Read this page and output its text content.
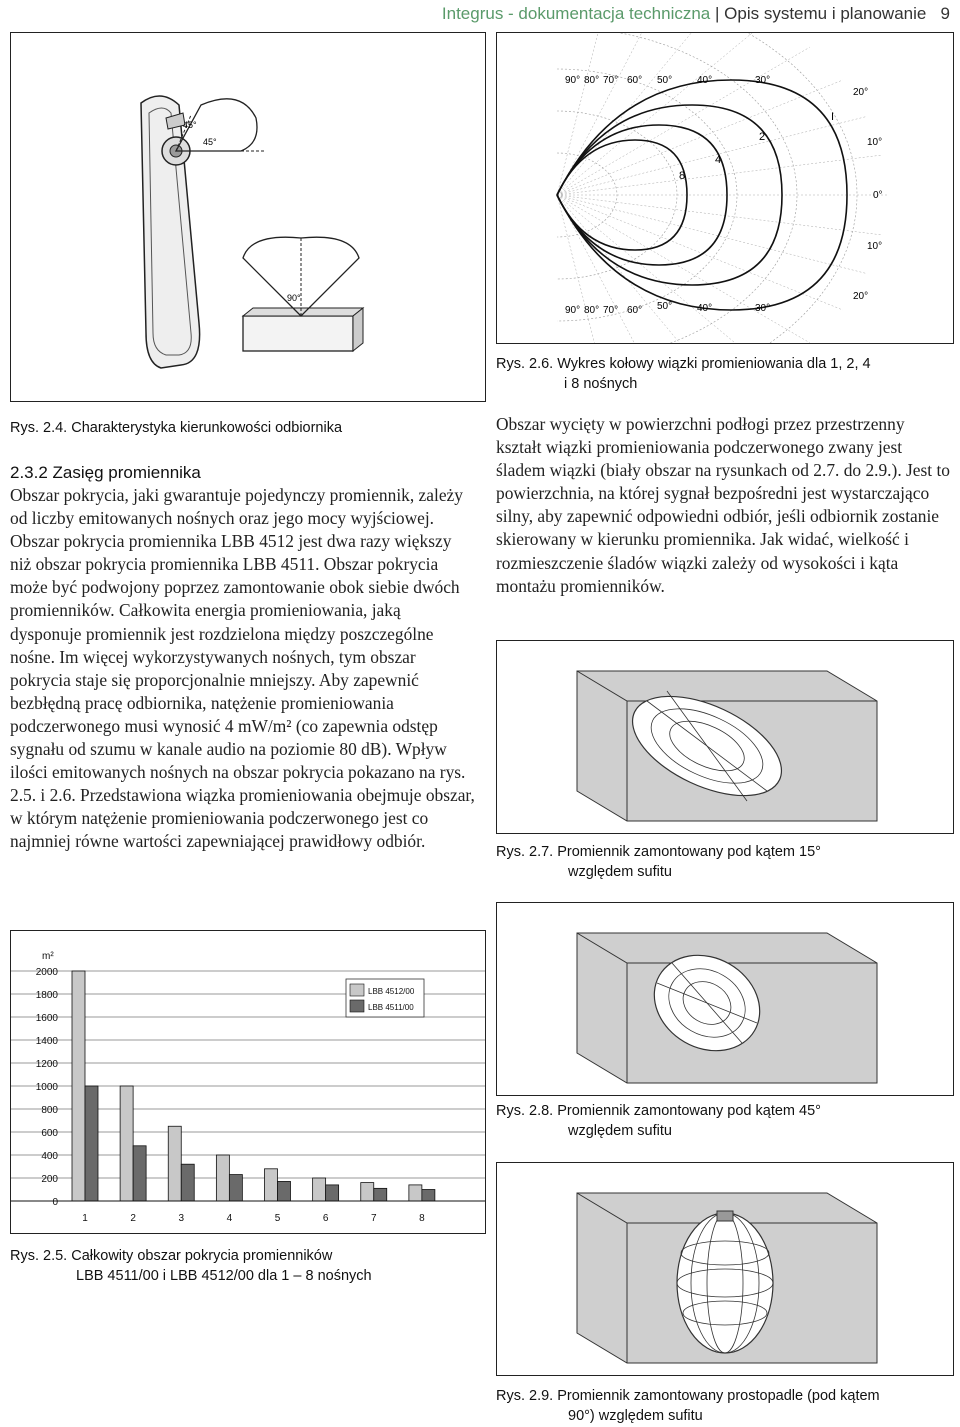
Integrus - dokumentacja techniczna | Opis systemu i planowanie 9
45°
45°
90°
Rys. 2.4. Charakterystyka kierunkowości odbiornika
90° 80° 70° 60° 50° 40°	30°
90° 80° 70° 60° 50° 40°	30°
20°
10°
0°
10°
20°
I
2
4
8
Rys. 2.6. Wykres kołowy wiązki promieniowania dla 1, 2, 4

i 8 nośnych
2.3.2 Zasięg promiennika
Obszar pokrycia, jaki gwarantuje pojedynczy promiennik, zależy od liczby emitowanych nośnych oraz jego mocy wyjściowej. Obszar pokrycia promiennika LBB 4512 jest dwa razy większy niż obszar pokrycia promiennika LBB 4511. Obszar pokrycia może być podwojony poprzez zamontowanie obok siebie dwóch promienników. Całkowita energia promieniowania, jaką dysponuje promiennik jest rozdzielona między poszczególne nośne. Im więcej wykorzystywanych nośnych, tym obszar pokrycia staje się proporcjonalnie mniejszy. Aby zapewnić bezbłędną pracę odbiornika, natężenie promieniowania podczerwonego musi wynosić 4 mW/m² (co zapewnia odstęp sygnału od szumu w kanale audio na poziomie 80 dB). Wpływ ilości emitowanych nośnych na obszar pokrycia pokazano na rys. 2.5. i 2.6. Przedstawiona wiązka promieniowania obejmuje obszar, w którym natężenie promieniowania podczerwonego jest co najmniej równe wartości zapewniającej prawidłowy odbiór.
Obszar wycięty w powierzchni podłogi przez przestrzenny kształt wiązki promieniowania podczerwonego zwany jest śladem wiązki (biały obszar na rysunkach od 2.7. do 2.9.). Jest to powierzchnia, na której sygnał bezpośredni jest wystarczająco silny, aby zapewnić odpowiedni odbiór, jeśli odbiornik zostanie skierowany w kierunku promiennika. Jak widać, wielkość i rozmieszczenie śladów wiązki zależy od wysokości i kąta montażu promienników.
Rys. 2.7. Promiennik zamontowany pod kątem 15°

względem sufitu
Rys. 2.8. Promiennik zamontowany pod kątem 45°

względem sufitu
Rys. 2.9. Promiennik zamontowany prostopadle (pod kątem

90°) względem sufitu
0
200
400
600
800
1000
1200
1400
1600
1800
2000
m²
1	2	3	4	5	6	7	8
LBB 4512/00
LBB 4511/00
Rys. 2.5. Całkowity obszar pokrycia promienników

LBB 4511/00 i LBB 4512/00 dla 1 – 8 nośnych
